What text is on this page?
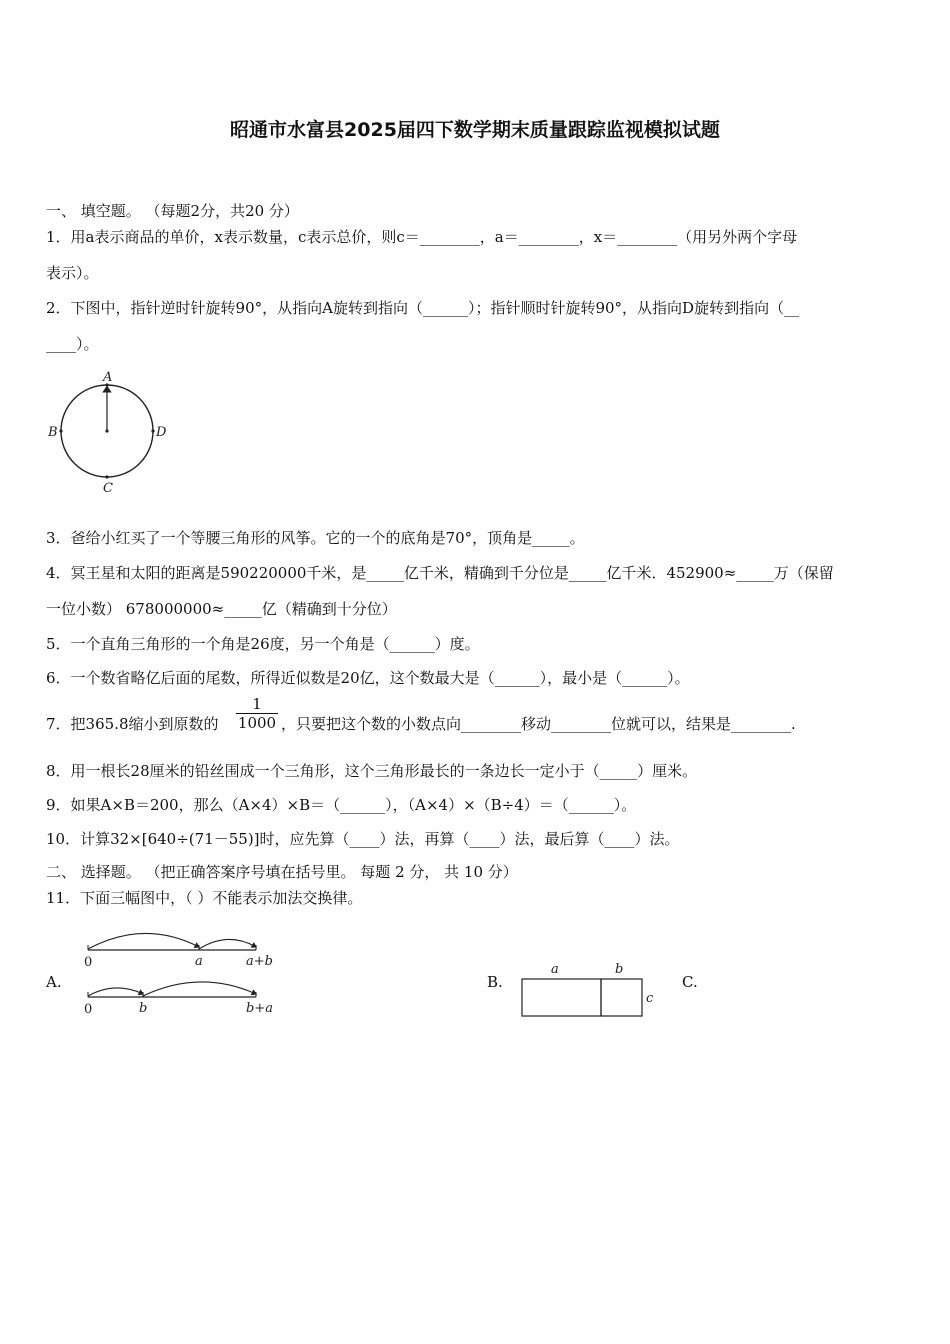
昭通市水富县2025届四下数学期末质量跟踪监视模拟试题
一、 填空题。 （每题2分，共20 分）
1．用a表示商品的单价，x表示数量，c表示总价，则c＝________，a＝________，x＝________（用另外两个字母
表示）。
2．下图中，指针逆时针旋转90°，从指向A旋转到指向（______）；指针顺时针旋转90°，从指向D旋转到指向（__
____）。
A
B
C
D
3．爸给小红买了一个等腰三角形的风筝。它的一个的底角是70°，顶角是_____。
4．冥王星和太阳的距离是590220000千米，是_____亿千米，精确到千分位是_____亿千米．452900≈_____万（保留
一位小数） 678000000≈_____亿（精确到十分位）
5．一个直角三角形的一个角是26度，另一个角是（______）度。
6．一个数省略亿后面的尾数，所得近似数是20亿，这个数最大是（______），最小是（______）。
7．把365.8缩小到原数的 $\frac{1}{1000}$ ，只要把这个数的小数点向________移动________位就可以，结果是________.
8．用一根长28厘米的铅丝围成一个三角形，这个三角形最长的一条边长一定小于（_____）厘米。
9．如果A×B＝200，那么（A×4）×B＝（______），（A×4）×（B÷4）＝（______）。
10．计算32×[640÷(71－55)]时，应先算（____）法，再算（____）法，最后算（____）法。
二、 选择题。 （把正确答案序号填在括号里。 每题 2 分， 共 10 分）
11．下面三幅图中，（ ）不能表示加法交换律。
A.
0	a	a+b
0	b	b+a
B.
a	b
c
C.
